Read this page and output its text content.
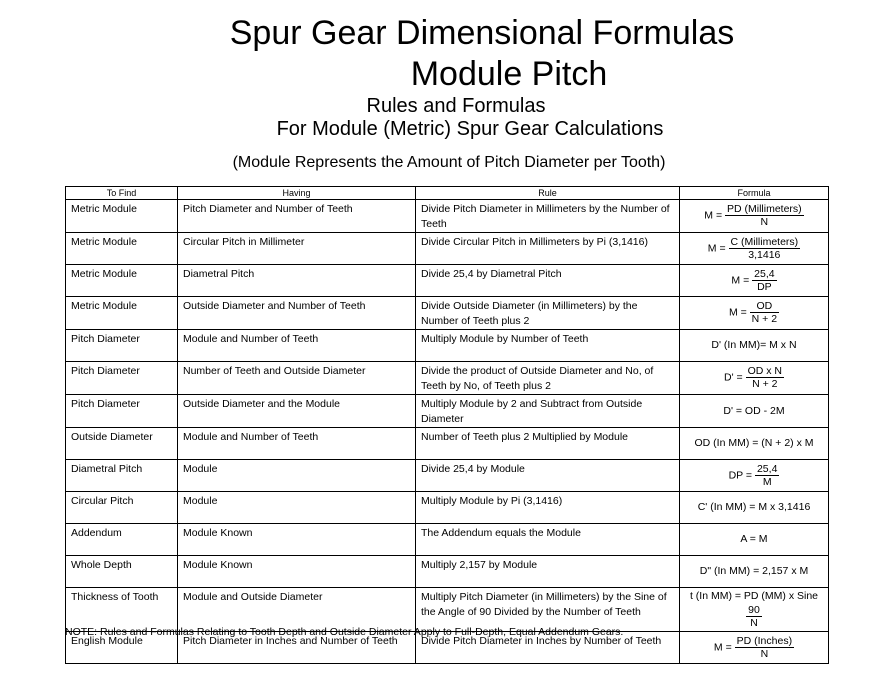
Spur Gear Dimensional Formulas
Module Pitch
Rules and Formulas
For Module (Metric) Spur Gear Calculations
(Module Represents the Amount of Pitch Diameter per Tooth)
To Find	Having	Rule	Formula
Metric Module	Pitch Diameter and Number of Teeth	Divide Pitch Diameter in Millimeters by the Number of Teeth	M =
PD (Millimeters)
N

Metric Module	Circular Pitch in Millimeter	Divide Circular Pitch in Millimeters by Pi (3,1416)	M =
C (Millimeters)
3,1416

Metric Module	Diametral Pitch	Divide 25,4 by Diametral Pitch	$M = \frac{25,4}{DP}$

Metric Module	Outside Diameter and Number of Teeth	Divide Outside Diameter (in Millimeters) by the Number of Teeth plus 2	$M = \frac{OD}{N + 2}$

Pitch Diameter	Module and Number of Teeth	Multiply Module by Number of Teeth	D' (In MM)= M x N
Pitch Diameter	Number of Teeth and Outside Diameter	Divide the product of Outside Diameter and No, of Teeth by No, of Teeth plus 2	$D' = \frac{\text{OD x N}}{N + 2}$

Pitch Diameter	Outside Diameter and the Module	Multiply Module by 2 and Subtract from Outside Diameter	D' = OD - 2M
Outside Diameter	Module and Number of Teeth	Number of Teeth plus 2 Multiplied by Module	OD (In MM) = (N + 2) x M
Diametral Pitch	Module	Divide 25,4 by Module	DP = $\frac{25,4}{M}$

Circular Pitch	Module	Multiply Module by Pi (3,1416)	C' (In MM) = M x 3,1416
Addendum	Module Known	The Addendum equals the Module	A = M
Whole Depth	Module Known	Multiply 2,157 by Module	D" (In MM) = 2,157 x M
Thickness of Tooth	Module and Outside Diameter	Multiply Pitch Diameter (in Millimeters) by the Sine of the Angle of 90 Divided by the Number of Teeth	t (In MM) = PD (MM) x Sine
$\frac{90}{N}$

English Module	Pitch Diameter in Inches and Number of Teeth	Divide Pitch Diameter in Inches by Number of Teeth	M =
PD (Inches)
N
NOTE: Rules and Formulas Relating to Tooth Depth and Outside Diameter Apply to Full-Depth, Equal Addendum Gears.
